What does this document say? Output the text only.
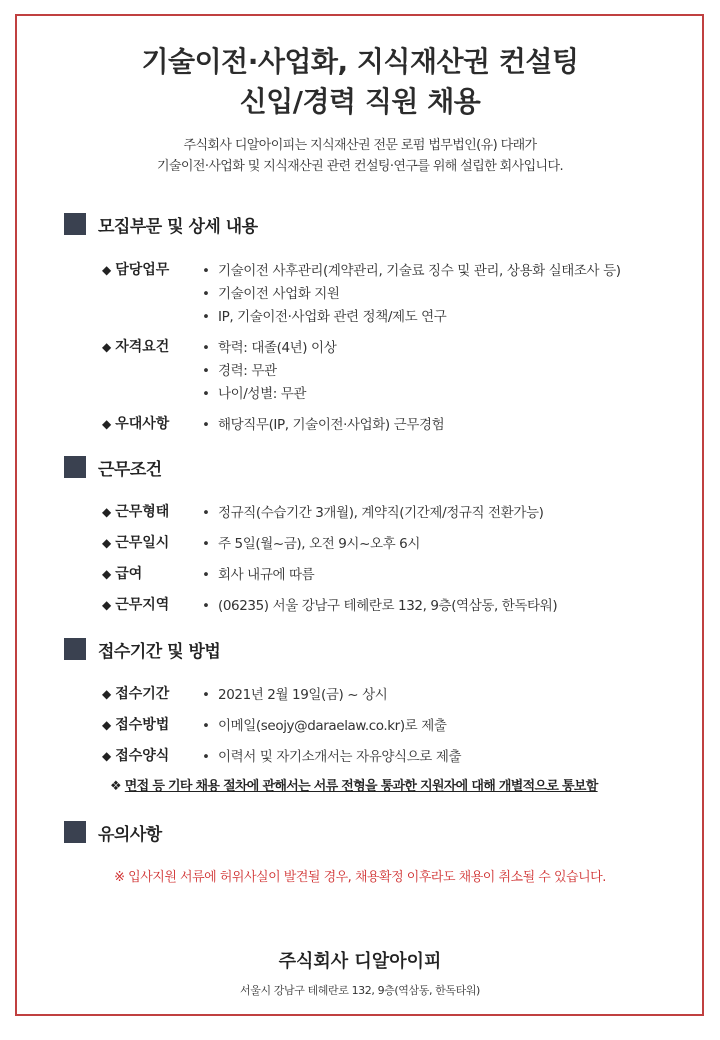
기술이전·사업화, 지식재산권 컨설팅
신입/경력 직원 채용
주식회사 디알아이피는 지식재산권 전문 로펌 법무법인(유) 다래가
기술이전·사업화 및 지식재산권 관련 컨설팅·연구를 위해 설립한 회사입니다.
모집부문 및 상세 내용
◆ 담당업무 • 기술이전 사후관리(계약관리, 기술료 징수 및 관리, 상용화 실태조사 등)
• 기술이전 사업화 지원
• IP, 기술이전·사업화 관련 정책/제도 연구
◆ 자격요건 • 학력: 대졸(4년) 이상
• 경력: 무관
• 나이/성별: 무관
◆ 우대사항 • 해당직무(IP, 기술이전·사업화) 근무경험
근무조건
◆ 근무형태 • 정규직(수습기간 3개월), 계약직(기간제/정규직 전환가능)
◆ 근무일시 • 주 5일(월~금), 오전 9시~오후 6시
◆ 급여	• 회사 내규에 따름
◆ 근무지역 • (06235) 서울 강남구 테헤란로 132, 9층(역삼동, 한독타워)
접수기간 및 방법
◆ 접수기간 • 2021년 2월 19일(금) ~ 상시
◆ 접수방법 • 이메일(seojy@daraelaw.co.kr)로 제출
◆ 접수양식 • 이력서 및 자기소개서는 자유양식으로 제출
❖ 면접 등 기타 채용 절차에 관해서는 서류 전형을 통과한 지원자에 대해 개별적으로 통보함
유의사항
※ 입사지원 서류에 허위사실이 발견될 경우, 채용확정 이후라도 채용이 취소될 수 있습니다.
주식회사 디알아이피
서울시 강남구 테헤란로 132, 9층(역삼동, 한독타워)
